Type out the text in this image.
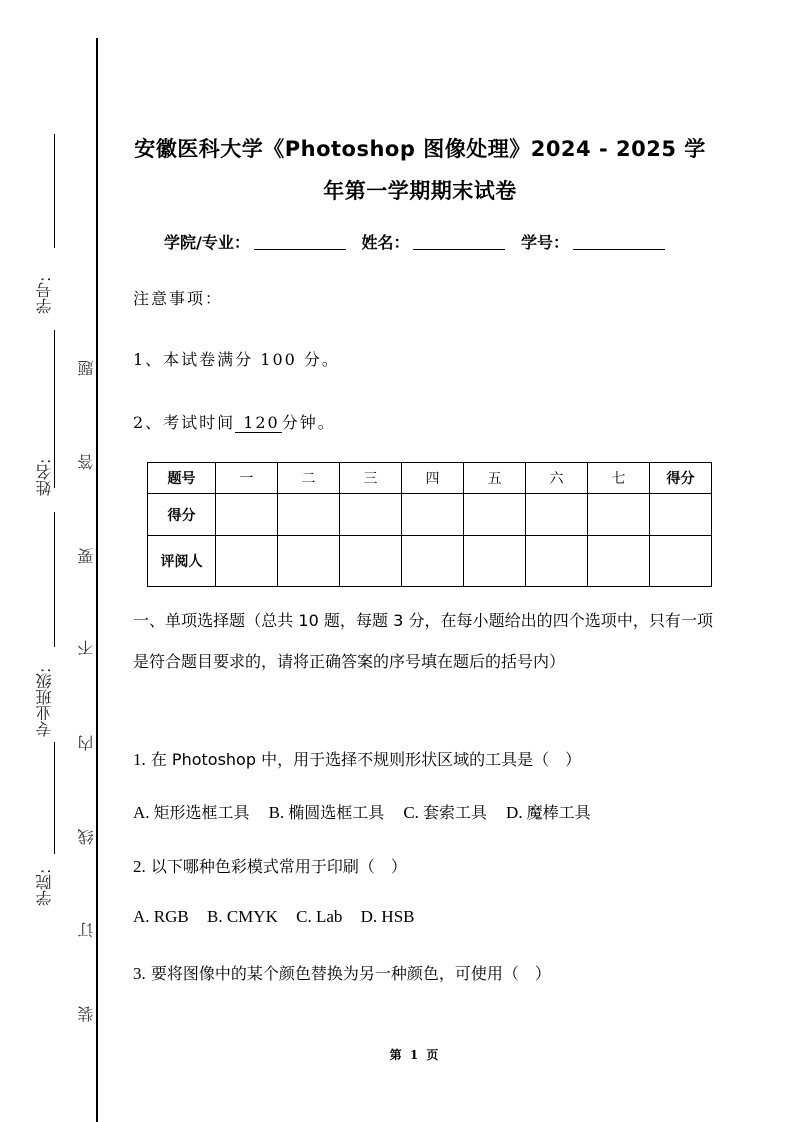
学号:
姓名:
专业班级:
学院:
题
答
要
不
内
线
订
装
安徽医科大学《Photoshop 图像处理》2024 - 2025 学
年第一学期期末试卷
学院/专业：	姓名：	学号：
注意事项：
1、本试卷满分 100 分。
2、考试时间 120 分钟。
题号	一	二	三	四	五	六	七	得分
得分								
评阅人								
一、单项选择题（总共 10 题，每题 3 分，在每小题给出的四个选项中，只有一项是符合题目要求的，请将正确答案的序号填在题后的括号内）
1. 在 Photoshop 中，用于选择不规则形状区域的工具是（　）
A. 矩形选框工具 B. 椭圆选框工具 C. 套索工具 D. 魔棒工具
2. 以下哪种色彩模式常用于印刷（　）
A. RGB B. CMYK C. Lab D. HSB
3. 要将图像中的某个颜色替换为另一种颜色，可使用（　）
第 1 页
